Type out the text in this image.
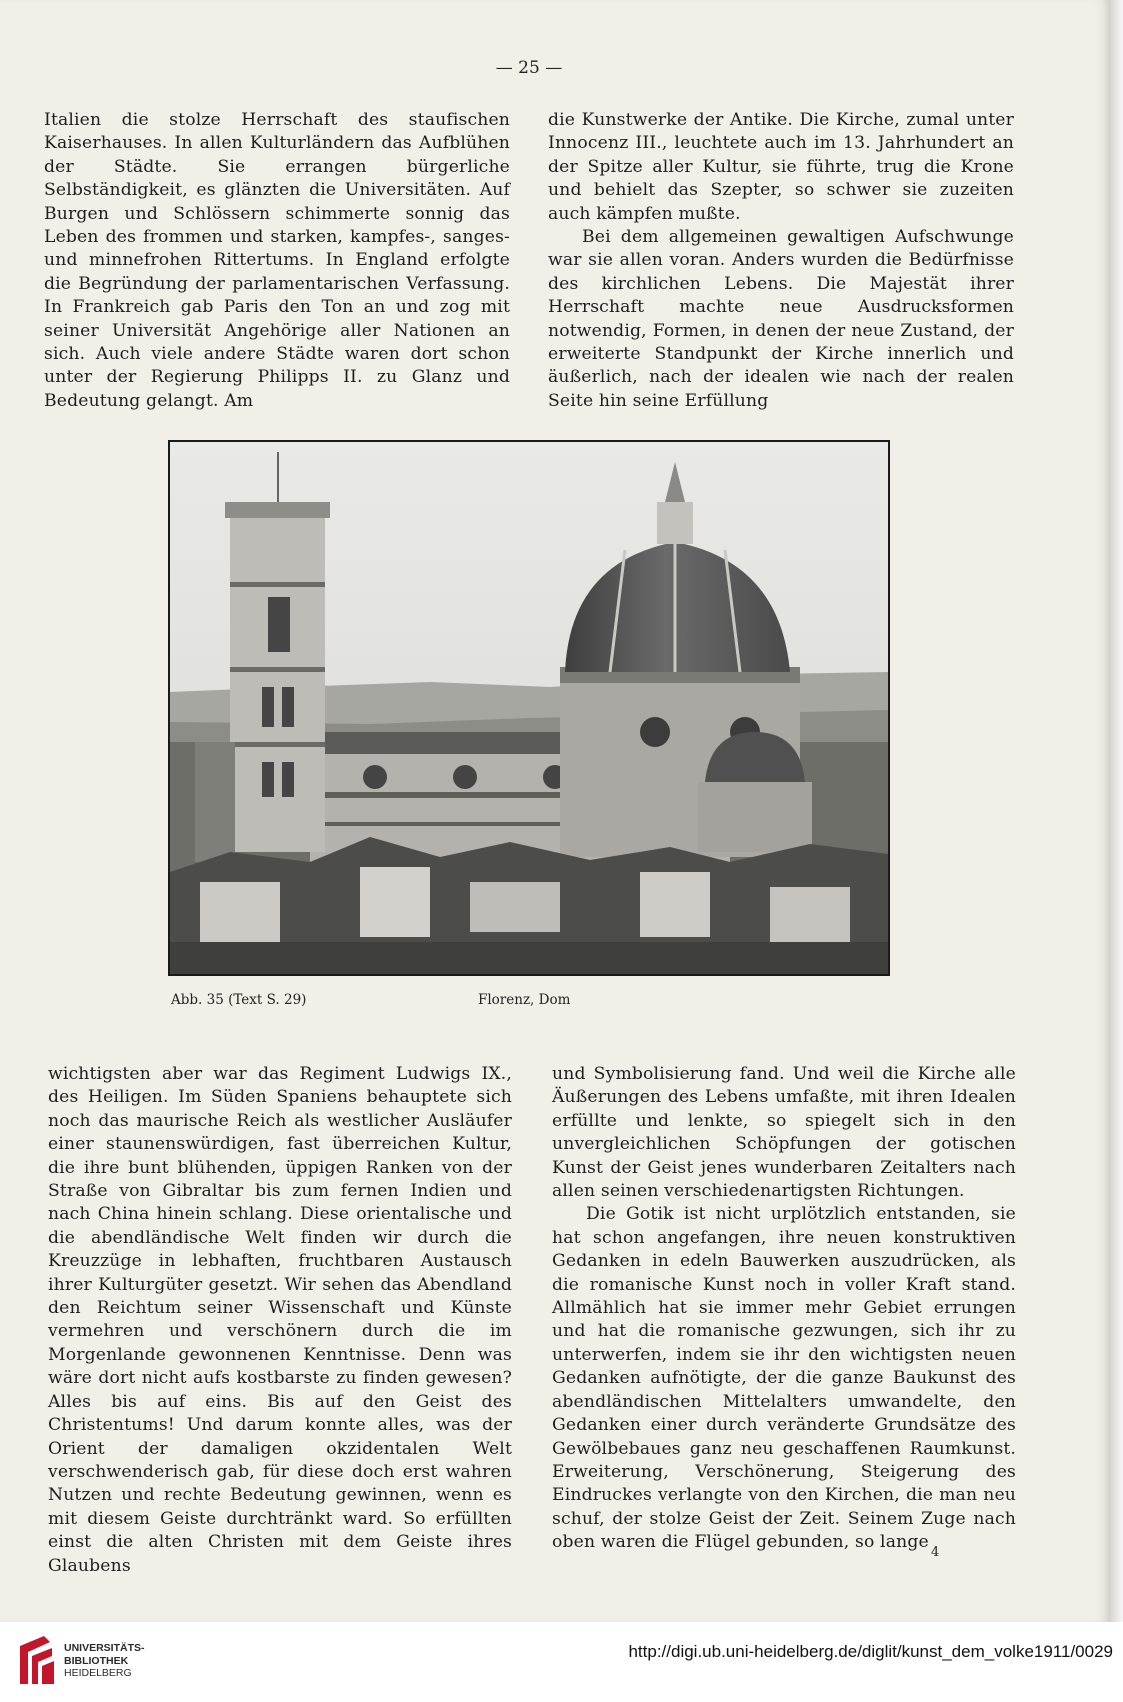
— 25 —

Italien die stolze Herrschaft des staufischen Kaiserhauses. In allen Kulturländern das Aufblühen der Städte. Sie errangen bürgerliche Selbständigkeit, es glänzten die Universitäten. Auf Burgen und Schlössern schimmerte sonnig das Leben des frommen und starken, kampfes-, sanges- und minnefrohen Rittertums. In England erfolgte die Begründung der parlamentarischen Verfassung. In Frankreich gab Paris den Ton an und zog mit seiner Universität Angehörige aller Nationen an sich. Auch viele andere Städte waren dort schon unter der Regierung Philipps II. zu Glanz und Bedeutung gelangt. Am

die Kunstwerke der Antike. Die Kirche, zumal unter Innocenz III., leuchtete auch im 13. Jahrhundert an der Spitze aller Kultur, sie führte, trug die Krone und behielt das Szepter, so schwer sie zuzeiten auch kämpfen mußte.

Bei dem allgemeinen gewaltigen Aufschwunge war sie allen voran. Anders wurden die Bedürfnisse des kirchlichen Lebens. Die Majestät ihrer Herrschaft machte neue Ausdrucksformen notwendig, Formen, in denen der neue Zustand, der erweiterte Standpunkt der Kirche innerlich und äußerlich, nach der idealen wie nach der realen Seite hin seine Erfüllung

Abb. 35 (Text S. 29)	Florenz, Dom

wichtigsten aber war das Regiment Ludwigs IX., des Heiligen. Im Süden Spaniens behauptete sich noch das maurische Reich als westlicher Ausläufer einer staunenswürdigen, fast überreichen Kultur, die ihre bunt blühenden, üppigen Ranken von der Straße von Gibraltar bis zum fernen Indien und nach China hinein schlang. Diese orientalische und die abendländische Welt finden wir durch die Kreuzzüge in lebhaften, fruchtbaren Austausch ihrer Kulturgüter gesetzt. Wir sehen das Abendland den Reichtum seiner Wissenschaft und Künste vermehren und verschönern durch die im Morgenlande gewonnenen Kenntnisse. Denn was wäre dort nicht aufs kostbarste zu finden gewesen? Alles bis auf eins. Bis auf den Geist des Christentums! Und darum konnte alles, was der Orient der damaligen okzidentalen Welt verschwenderisch gab, für diese doch erst wahren Nutzen und rechte Bedeutung gewinnen, wenn es mit diesem Geiste durchtränkt ward. So erfüllten einst die alten Christen mit dem Geiste ihres Glaubens

und Symbolisierung fand. Und weil die Kirche alle Äußerungen des Lebens umfaßte, mit ihren Idealen erfüllte und lenkte, so spiegelt sich in den unvergleichlichen Schöpfungen der gotischen Kunst der Geist jenes wunderbaren Zeitalters nach allen seinen verschiedenartigsten Richtungen.

Die Gotik ist nicht urplötzlich entstanden, sie hat schon angefangen, ihre neuen konstruktiven Gedanken in edeln Bauwerken auszudrücken, als die romanische Kunst noch in voller Kraft stand. Allmählich hat sie immer mehr Gebiet errungen und hat die romanische gezwungen, sich ihr zu unterwerfen, indem sie ihr den wichtigsten neuen Gedanken aufnötigte, der die ganze Baukunst des abendländischen Mittelalters umwandelte, den Gedanken einer durch veränderte Grundsätze des Gewölbebaues ganz neu geschaffenen Raumkunst. Erweiterung, Verschönerung, Steigerung des Eindruckes verlangte von den Kirchen, die man neu schuf, der stolze Geist der Zeit. Seinem Zuge nach oben waren die Flügel gebunden, so lange

4
UNIVERSITÄTS-
BIBLIOTHEK
HEIDELBERG
http://digi.ub.uni-heidelberg.de/diglit/kunst_dem_volke1911/0029
